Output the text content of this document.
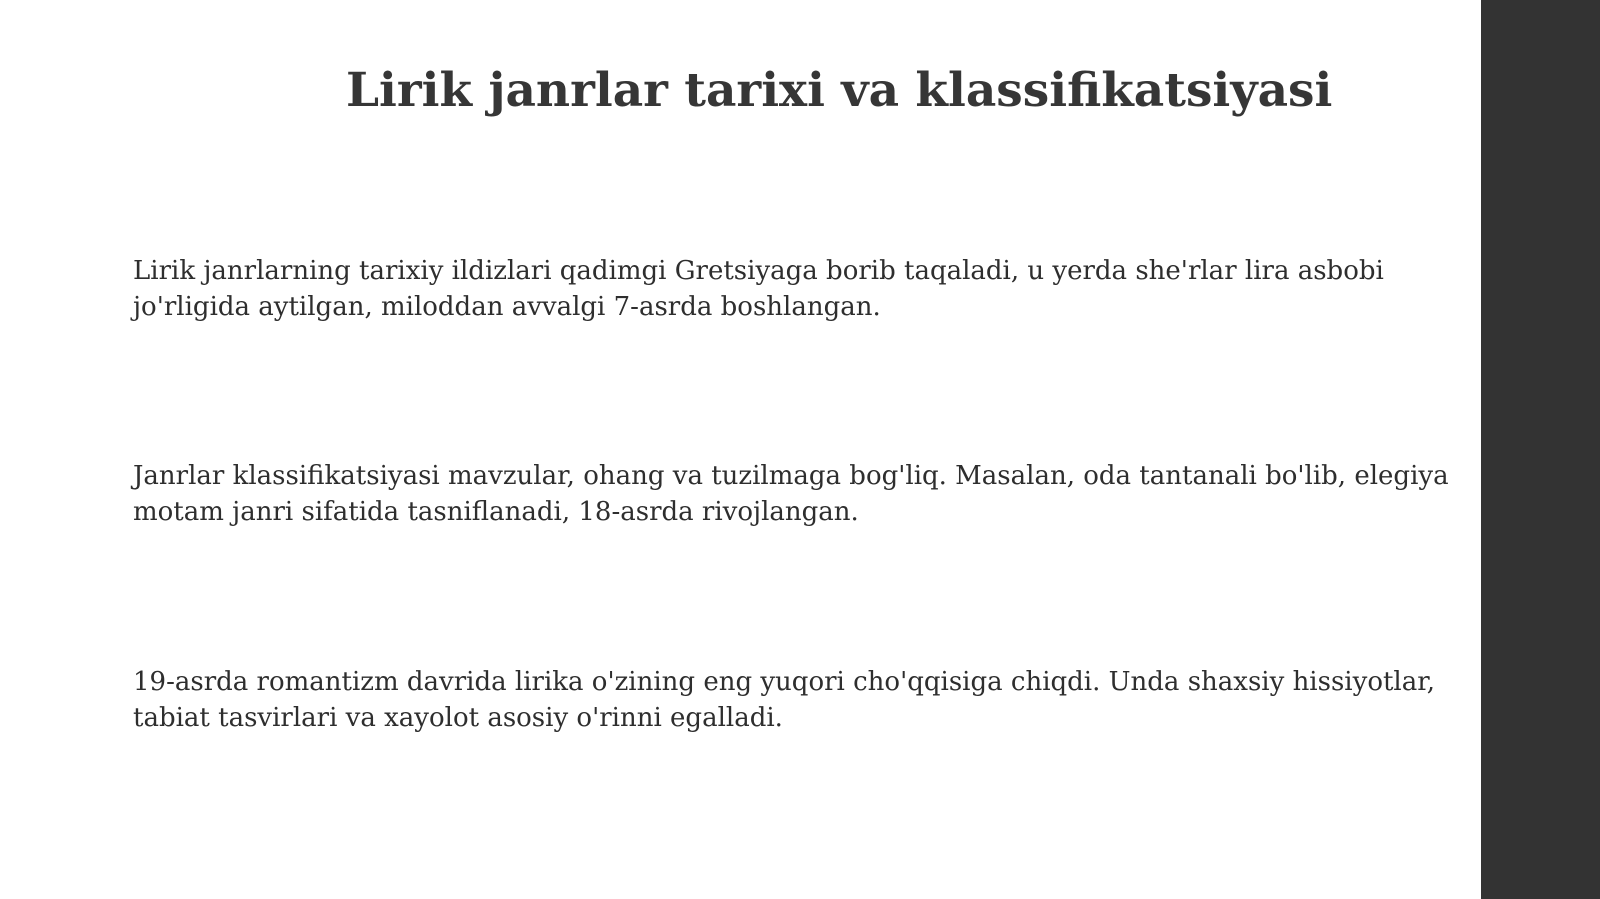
Lirik janrlar tarixi va klassifikatsiyasi

Lirik janrlarning tarixiy ildizlari qadimgi Gretsiyaga borib taqaladi, u yerda she'rlar lira asbobi jo'rligida aytilgan, miloddan avvalgi 7-asrda boshlangan.

Janrlar klassifikatsiyasi mavzular, ohang va tuzilmaga bog'liq. Masalan, oda tantanali bo'lib, elegiya motam janri sifatida tasniflanadi, 18-asrda rivojlangan.

19-asrda romantizm davrida lirika o'zining eng yuqori cho'qqisiga chiqdi. Unda shaxsiy hissiyotlar, tabiat tasvirlari va xayolot asosiy o'rinni egalladi.
